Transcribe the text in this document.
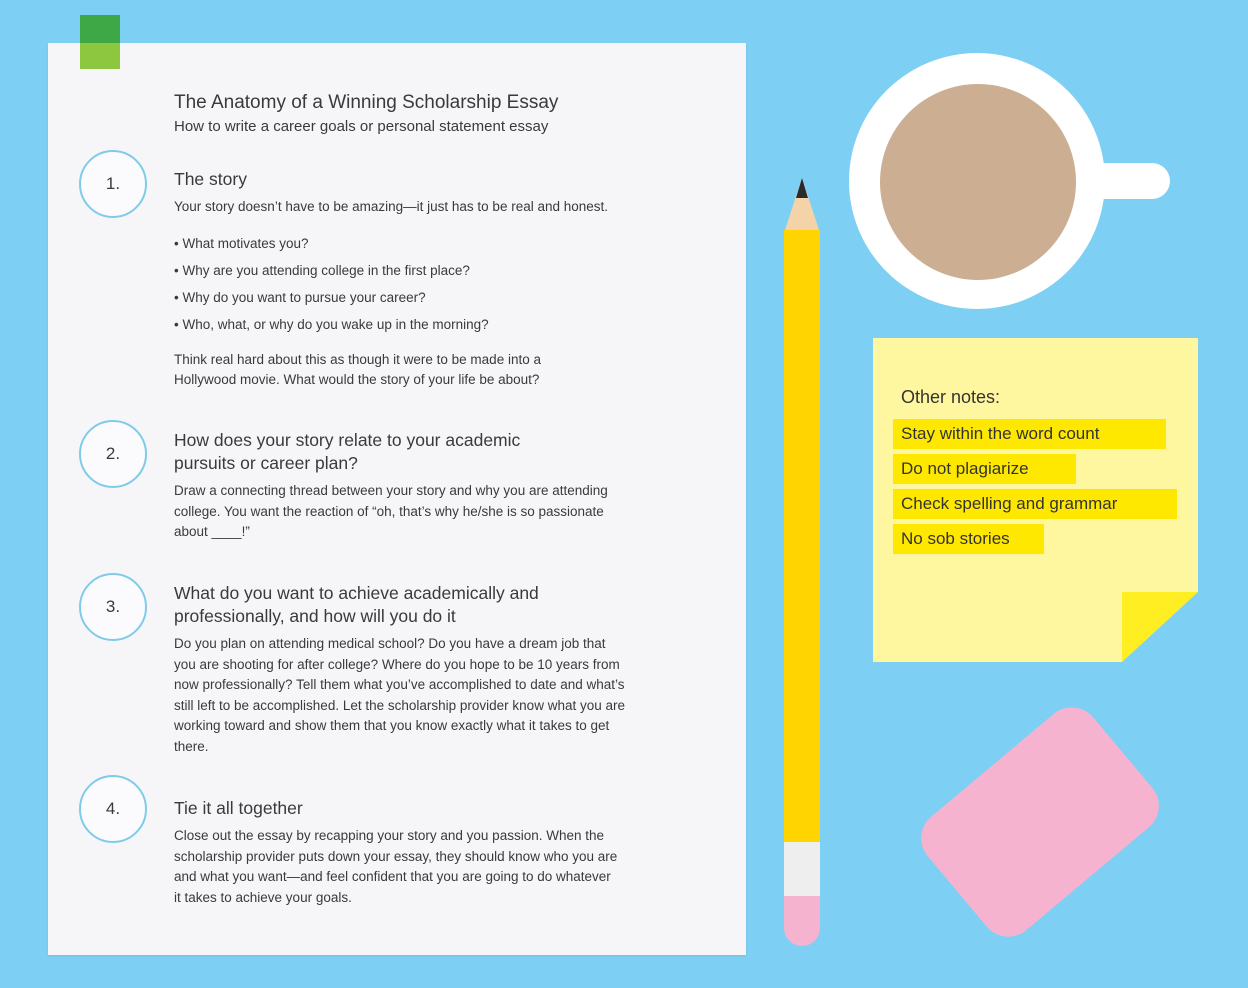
The Anatomy of a Winning Scholarship Essay
How to write a career goals or personal statement essay
1.	The story

Your story doesn’t have to be amazing—it just has to be real and honest.

• What motivates you?
• Why are you attending college in the first place?
• Why do you want to pursue your career?
• Who, what, or why do you wake up in the morning?

Think real hard about this as though it were to be made into a Hollywood movie. What would the story of your life be about?

2.
How does your story relate to your academic pursuits or career plan?

Draw a connecting thread between your story and why you are attending college. You want the reaction of “oh, that’s why he/she is so passionate about ____!”

3.
What do you want to achieve academically and professionally, and how will you do it

Do you plan on attending medical school? Do you have a dream job that you are shooting for after college? Where do you hope to be 10 years from now professionally? Tell them what you’ve accomplished to date and what’s still left to be accomplished. Let the scholarship provider know what you are working toward and show them that you know exactly what it takes to get there.

4.	Tie it all together

Close out the essay by recapping your story and you passion. When the scholarship provider puts down your essay, they should know who you are and what you want—and feel confident that you are going to do whatever it takes to achieve your goals.

Other notes:
Stay within the word count
Do not plagiarize
Check spelling and grammar
No sob stories
